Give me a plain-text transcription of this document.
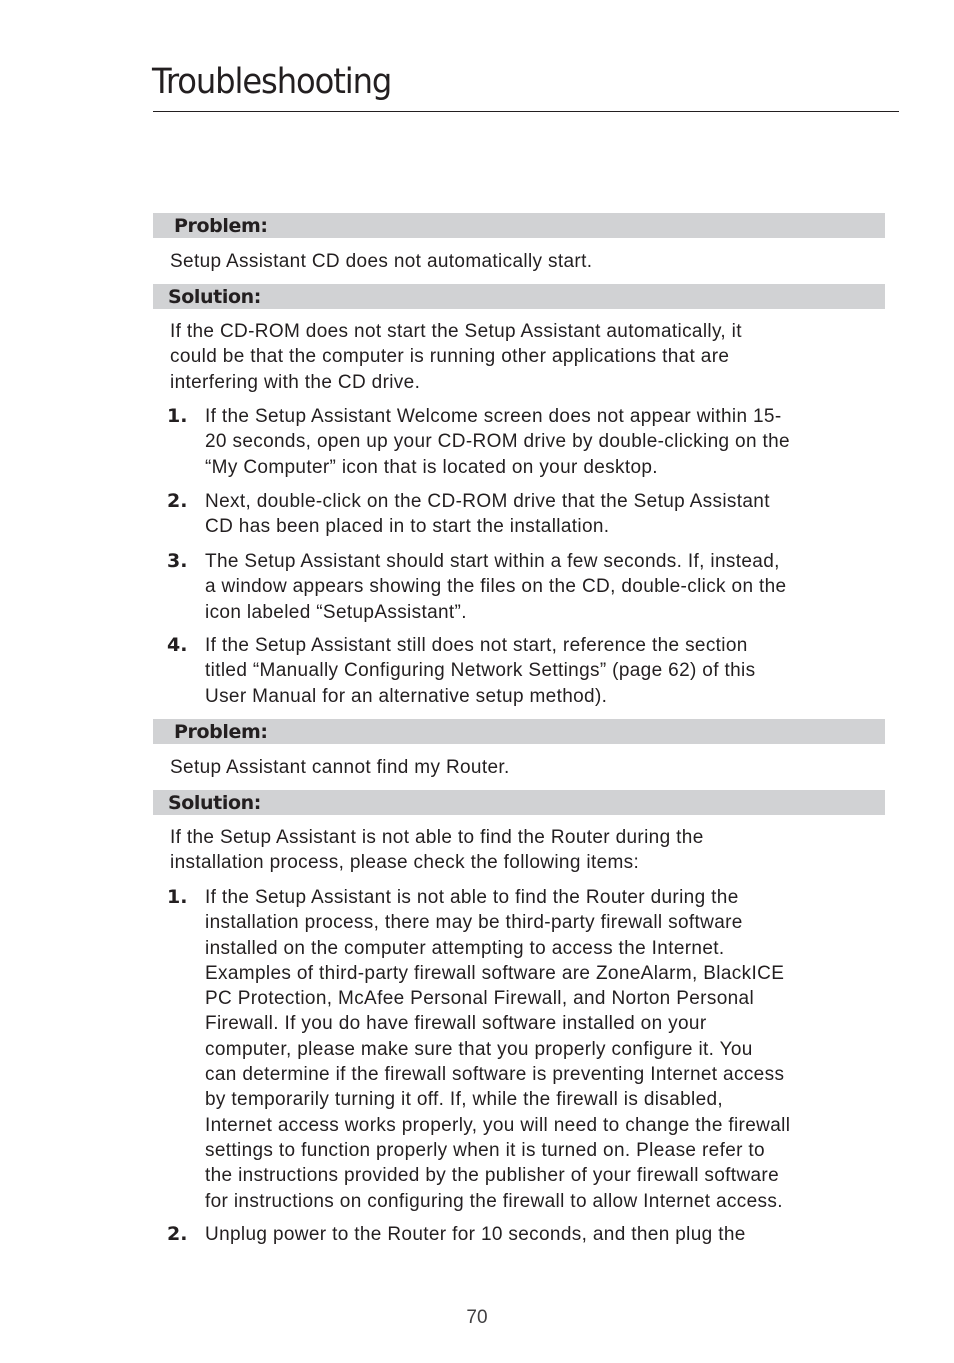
Troubleshooting
Problem:

Setup Assistant CD does not automatically start.

Solution:

If the CD-ROM does not start the Setup Assistant automatically, it
could be that the computer is running other applications that are
interfering with the CD drive.

1. If the Setup Assistant Welcome screen does not appear within 15-
20 seconds, open up your CD-ROM drive by double-clicking on the
“My Computer” icon that is located on your desktop.

2. Next, double-click on the CD-ROM drive that the Setup Assistant
CD has been placed in to start the installation.

3. The Setup Assistant should start within a few seconds. If, instead,
a window appears showing the files on the CD, double-click on the
icon labeled “SetupAssistant”.

4. If the Setup Assistant still does not start, reference the section
titled “Manually Configuring Network Settings” (page 62) of this
User Manual for an alternative setup method).

Problem:

Setup Assistant cannot find my Router.

Solution:

If the Setup Assistant is not able to find the Router during the
installation process, please check the following items:

1. If the Setup Assistant is not able to find the Router during the
installation process, there may be third-party firewall software
installed on the computer attempting to access the Internet.
Examples of third-party firewall software are ZoneAlarm, BlackICE
PC Protection, McAfee Personal Firewall, and Norton Personal
Firewall. If you do have firewall software installed on your
computer, please make sure that you properly configure it. You
can determine if the firewall software is preventing Internet access
by temporarily turning it off. If, while the firewall is disabled,
Internet access works properly, you will need to change the firewall
settings to function properly when it is turned on. Please refer to
the instructions provided by the publisher of your firewall software
for instructions on configuring the firewall to allow Internet access.

2. Unplug power to the Router for 10 seconds, and then plug the

70
